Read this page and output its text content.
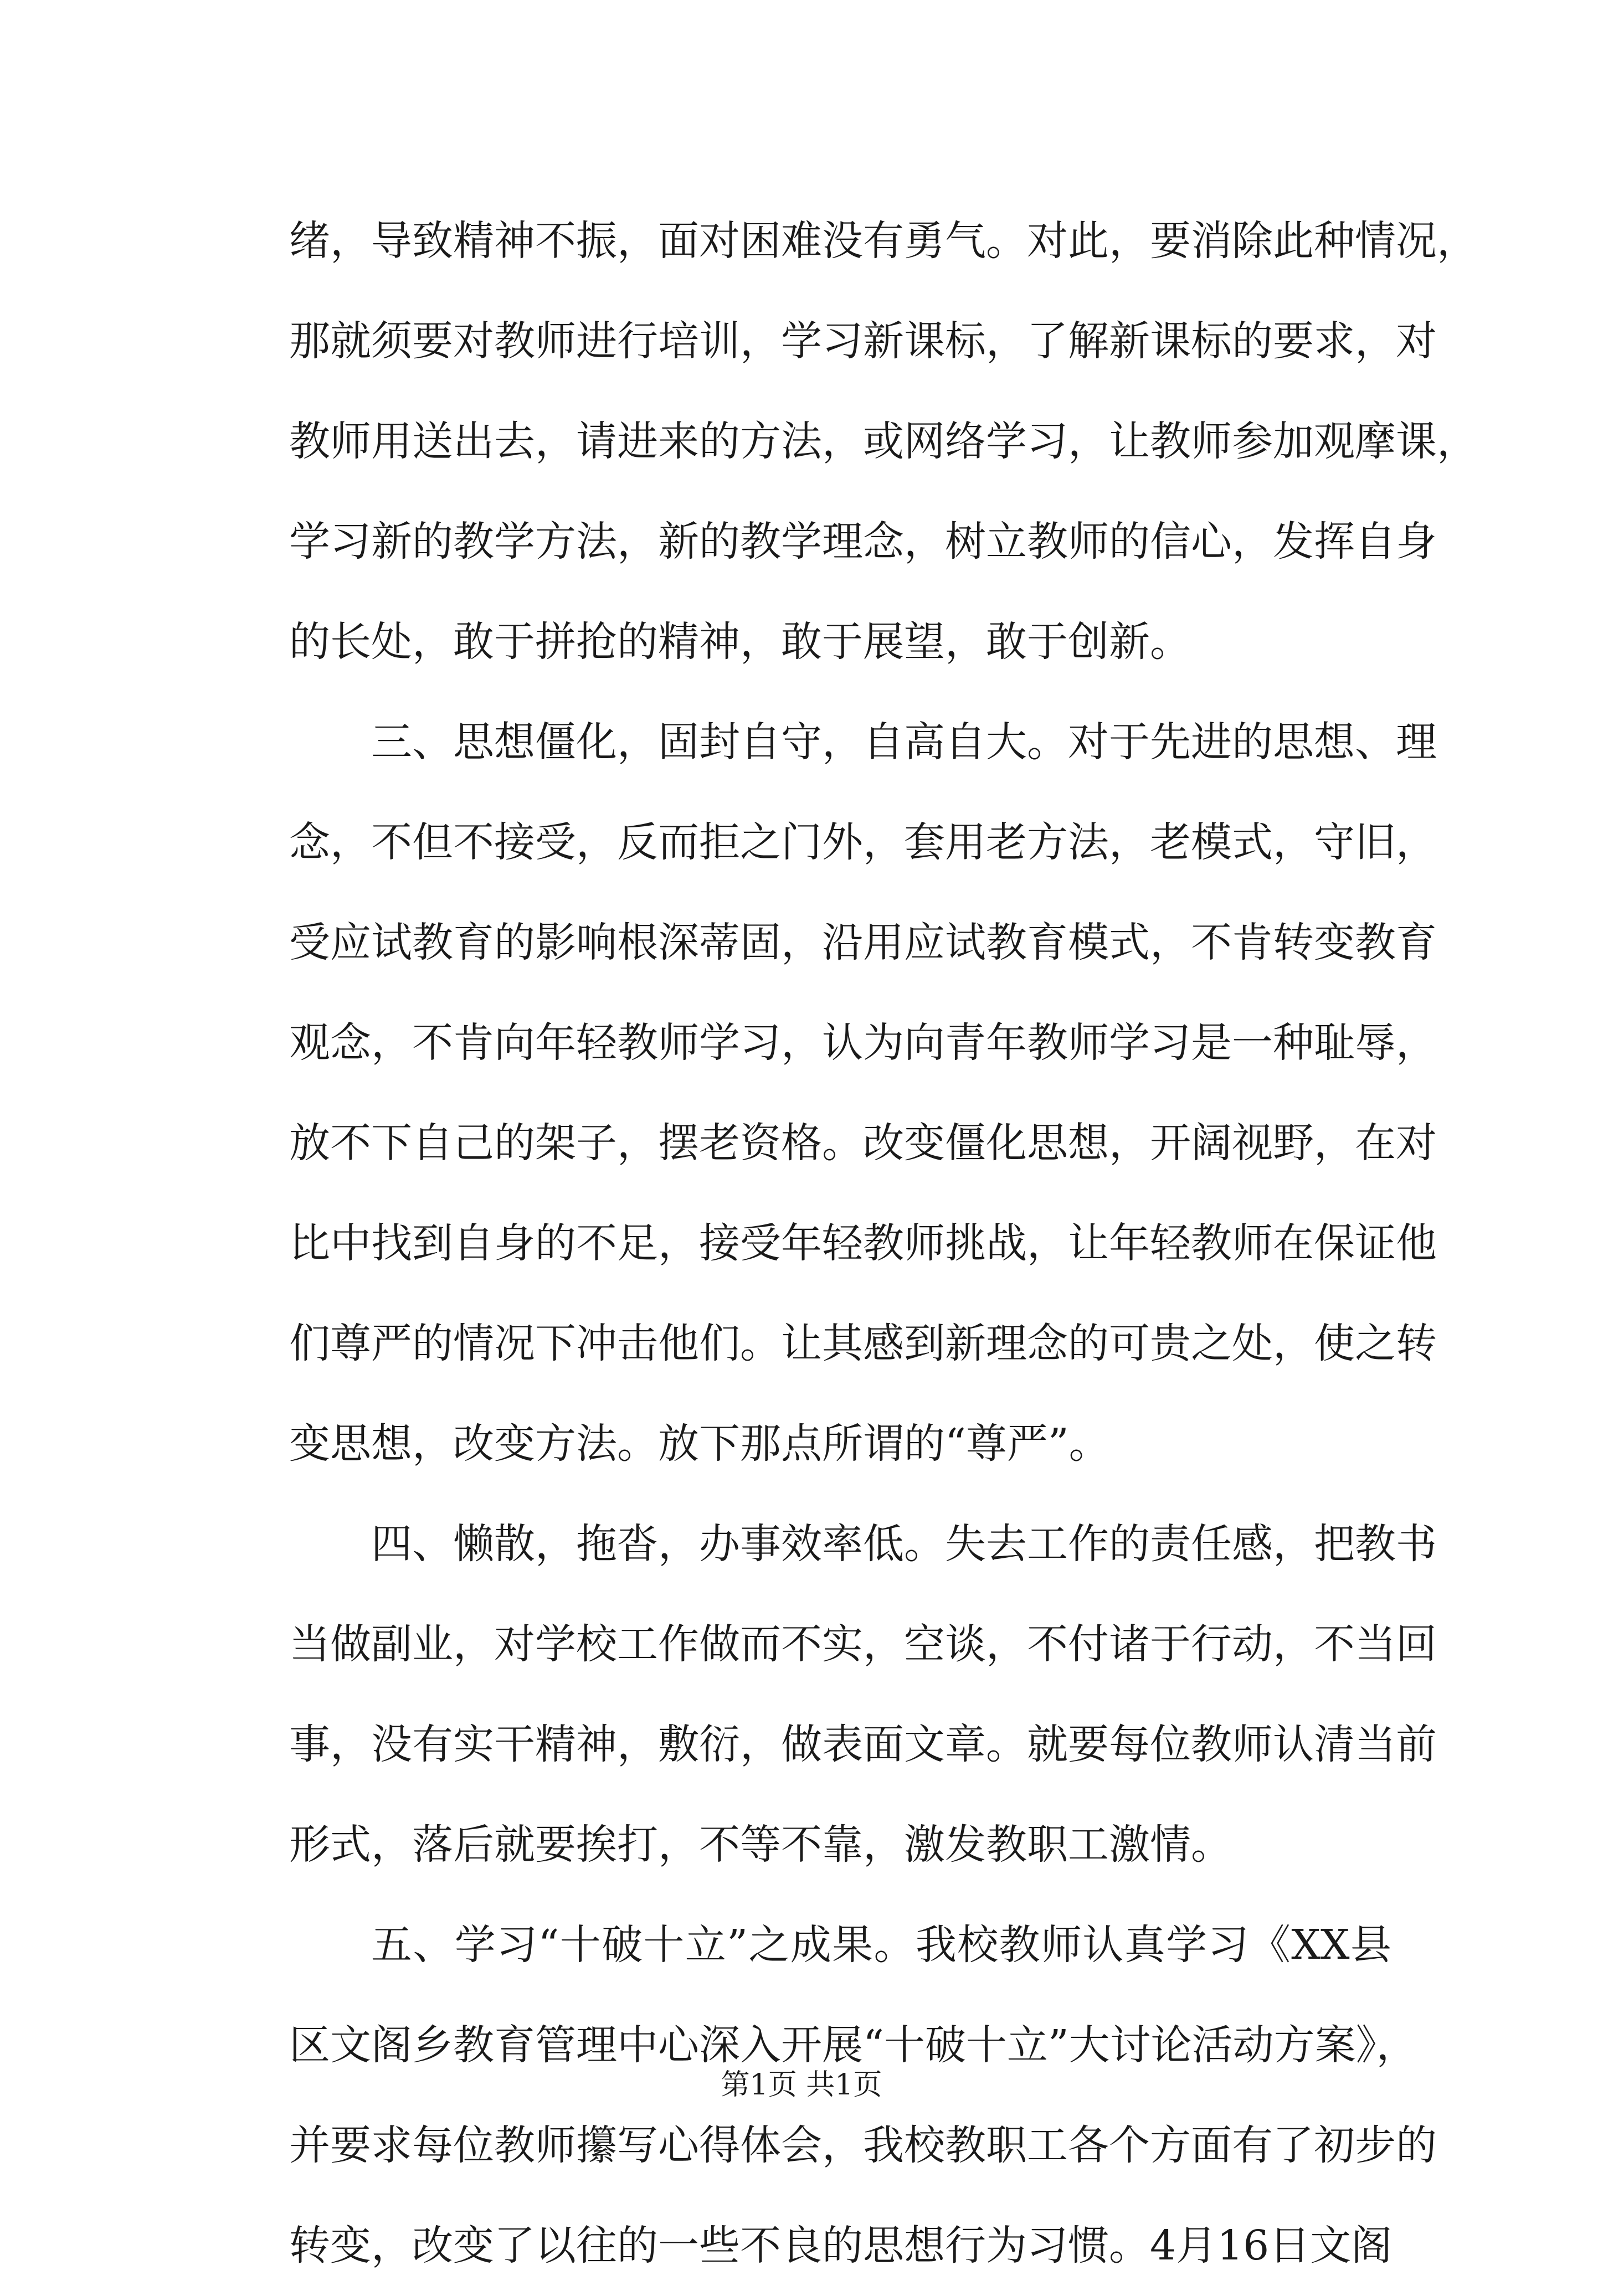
绪，导致精神不振，面对困难没有勇气。对此，要消除此种情况，
那就须要对教师进行培训，学习新课标，了解新课标的要求，对
教师用送出去，请进来的方法，或网络学习，让教师参加观摩课，
学习新的教学方法，新的教学理念，树立教师的信心，发挥自身
的长处，敢于拼抢的精神，敢于展望，敢于创新。
三、思想僵化，固封自守，自高自大。对于先进的思想、理
念，不但不接受，反而拒之门外，套用老方法，老模式，守旧，
受应试教育的影响根深蒂固，沿用应试教育模式，不肯转变教育
观念，不肯向年轻教师学习，认为向青年教师学习是一种耻辱，
放不下自己的架子，摆老资格。改变僵化思想，开阔视野，在对
比中找到自身的不足，接受年轻教师挑战，让年轻教师在保证他
们尊严的情况下冲击他们。让其感到新理念的可贵之处，使之转
变思想，改变方法。放下那点所谓的“尊严”。
四、懒散，拖沓，办事效率低。失去工作的责任感，把教书
当做副业，对学校工作做而不实，空谈，不付诸于行动，不当回
事，没有实干精神，敷衍，做表面文章。就要每位教师认清当前
形式，落后就要挨打，不等不靠，激发教职工激情。
五、学习“十破十立”之成果。我校教师认真学习《XX县
区文阁乡教育管理中心深入开展“十破十立”大讨论活动方案》，
并要求每位教师攥写心得体会，我校教职工各个方面有了初步的
转变，改变了以往的一些不良的思想行为习惯。4月16日文阁
第1页 共1页
